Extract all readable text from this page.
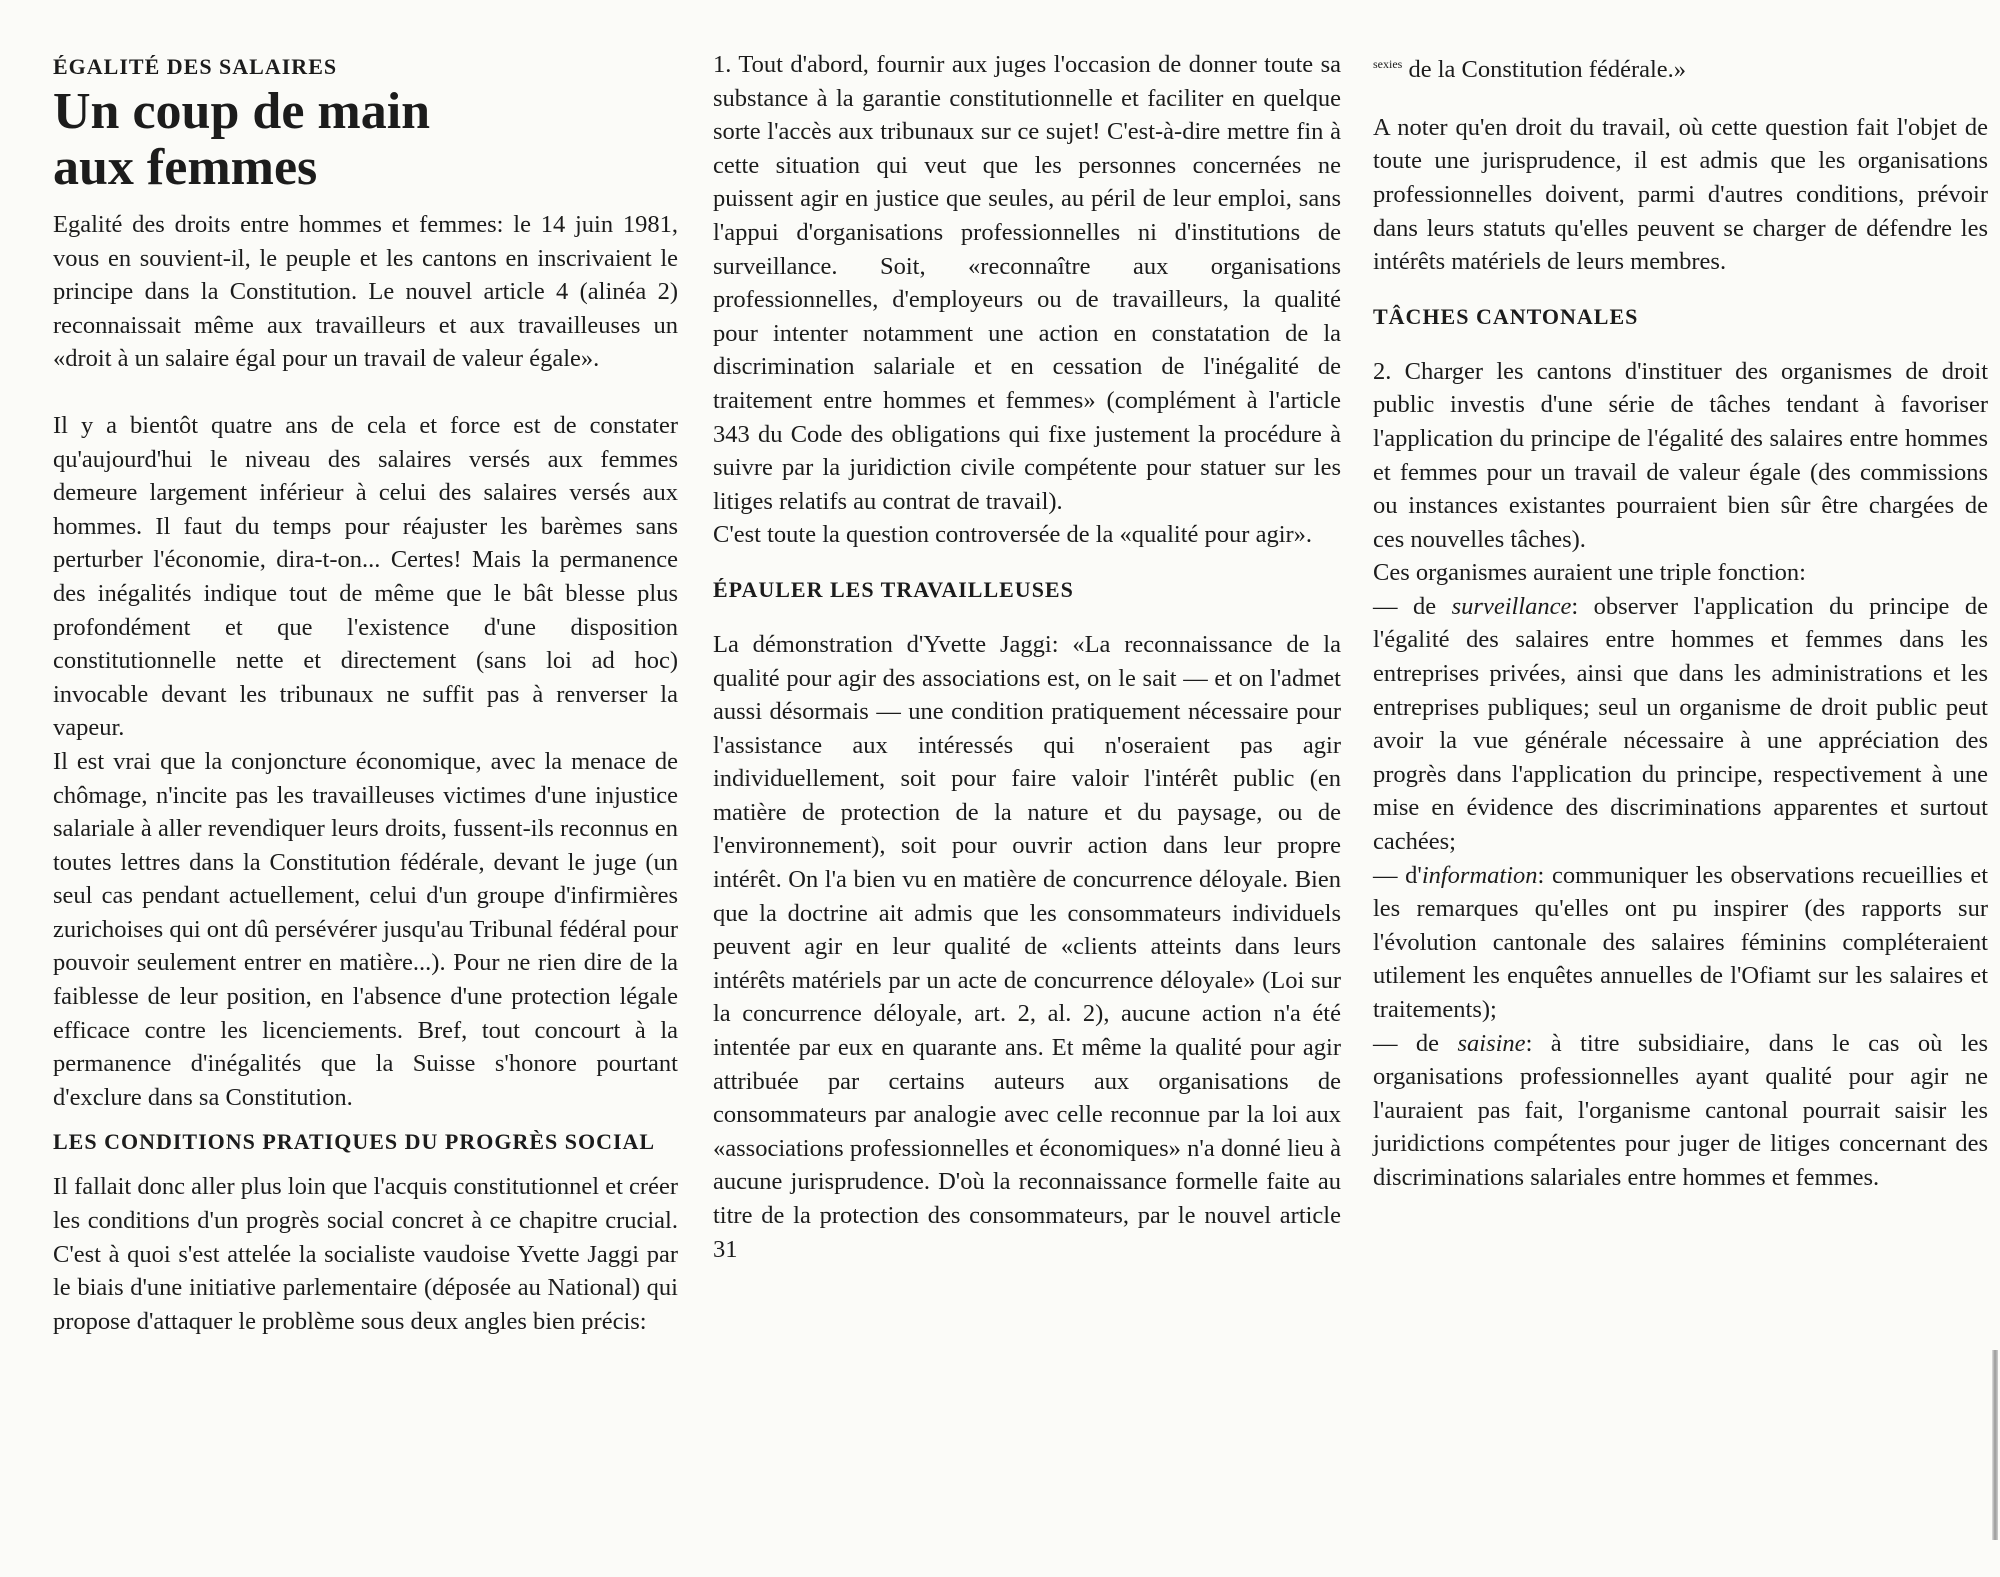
ÉGALITÉ DES SALAIRES
Un coup de main
aux femmes

Egalité des droits entre hommes et femmes: le 14 juin 1981, vous en souvient-il, le peuple et les cantons en inscrivaient le principe dans la Constitution. Le nouvel article 4 (alinéa 2) reconnaissait même aux travailleurs et aux travailleuses un «droit à un salaire égal pour un travail de valeur égale».

Il y a bientôt quatre ans de cela et force est de constater qu'aujourd'hui le niveau des salaires versés aux femmes demeure largement inférieur à celui des salaires versés aux hommes. Il faut du temps pour réajuster les barèmes sans perturber l'économie, dira-t-on... Certes! Mais la permanence des inégalités indique tout de même que le bât blesse plus profondément et que l'existence d'une disposition constitutionnelle nette et directement (sans loi ad hoc) invocable devant les tribunaux ne suffit pas à renverser la vapeur.

Il est vrai que la conjoncture économique, avec la menace de chômage, n'incite pas les travailleuses victimes d'une injustice salariale à aller revendiquer leurs droits, fussent-ils reconnus en toutes lettres dans la Constitution fédérale, devant le juge (un seul cas pendant actuellement, celui d'un groupe d'infirmières zurichoises qui ont dû persévérer jusqu'au Tribunal fédéral pour pouvoir seulement entrer en matière...). Pour ne rien dire de la faiblesse de leur position, en l'absence d'une protection légale efficace contre les licenciements. Bref, tout concourt à la permanence d'inégalités que la Suisse s'honore pourtant d'exclure dans sa Constitution.

LES CONDITIONS PRATIQUES DU PROGRÈS SOCIAL

Il fallait donc aller plus loin que l'acquis constitutionnel et créer les conditions d'un progrès social concret à ce chapitre crucial. C'est à quoi s'est attelée la socialiste vaudoise Yvette Jaggi par le biais d'une initiative parlementaire (déposée au National) qui propose d'attaquer le problème sous deux angles bien précis:

1. Tout d'abord, fournir aux juges l'occasion de donner toute sa substance à la garantie constitutionnelle et faciliter en quelque sorte l'accès aux tribunaux sur ce sujet! C'est-à-dire mettre fin à cette situation qui veut que les personnes concernées ne puissent agir en justice que seules, au péril de leur emploi, sans l'appui d'organisations professionnelles ni d'institutions de surveillance. Soit, «reconnaître aux organisations professionnelles, d'employeurs ou de travailleurs, la qualité pour intenter notamment une action en constatation de la discrimination salariale et en cessation de l'inégalité de traitement entre hommes et femmes» (complément à l'article 343 du Code des obligations qui fixe justement la procédure à suivre par la juridiction civile compétente pour statuer sur les litiges relatifs au contrat de travail).

C'est toute la question controversée de la «qualité pour agir».

ÉPAULER LES TRAVAILLEUSES

La démonstration d'Yvette Jaggi: «La reconnaissance de la qualité pour agir des associations est, on le sait — et on l'admet aussi désormais — une condition pratiquement nécessaire pour l'assistance aux intéressés qui n'oseraient pas agir individuellement, soit pour faire valoir l'intérêt public (en matière de protection de la nature et du paysage, ou de l'environnement), soit pour ouvrir action dans leur propre intérêt. On l'a bien vu en matière de concurrence déloyale. Bien que la doctrine ait admis que les consommateurs individuels peuvent agir en leur qualité de «clients atteints dans leurs intérêts matériels par un acte de concurrence déloyale» (Loi sur la concurrence déloyale, art. 2, al. 2), aucune action n'a été intentée par eux en quarante ans. Et même la qualité pour agir attribuée par certains auteurs aux organisations de consommateurs par analogie avec celle reconnue par la loi aux «associations professionnelles et économiques» n'a donné lieu à aucune jurisprudence. D'où la reconnaissance formelle faite au titre de la protection des consommateurs, par le nouvel article 31

$^{sexies}$ de la Constitution fédérale.»

A noter qu'en droit du travail, où cette question fait l'objet de toute une jurisprudence, il est admis que les organisations professionnelles doivent, parmi d'autres conditions, prévoir dans leurs statuts qu'elles peuvent se charger de défendre les intérêts matériels de leurs membres.

TÂCHES CANTONALES

2. Charger les cantons d'instituer des organismes de droit public investis d'une série de tâches tendant à favoriser l'application du principe de l'égalité des salaires entre hommes et femmes pour un travail de valeur égale (des commissions ou instances existantes pourraient bien sûr être chargées de ces nouvelles tâches).

Ces organismes auraient une triple fonction:

— de surveillance: observer l'application du principe de l'égalité des salaires entre hommes et femmes dans les entreprises privées, ainsi que dans les administrations et les entreprises publiques; seul un organisme de droit public peut avoir la vue générale nécessaire à une appréciation des progrès dans l'application du principe, respectivement à une mise en évidence des discriminations apparentes et surtout cachées;

— d'information: communiquer les observations recueillies et les remarques qu'elles ont pu inspirer (des rapports sur l'évolution cantonale des salaires féminins compléteraient utilement les enquêtes annuelles de l'Ofiamt sur les salaires et traitements);

— de saisine: à titre subsidiaire, dans le cas où les organisations professionnelles ayant qualité pour agir ne l'auraient pas fait, l'organisme cantonal pourrait saisir les juridictions compétentes pour juger de litiges concernant des discriminations salariales entre hommes et femmes.
